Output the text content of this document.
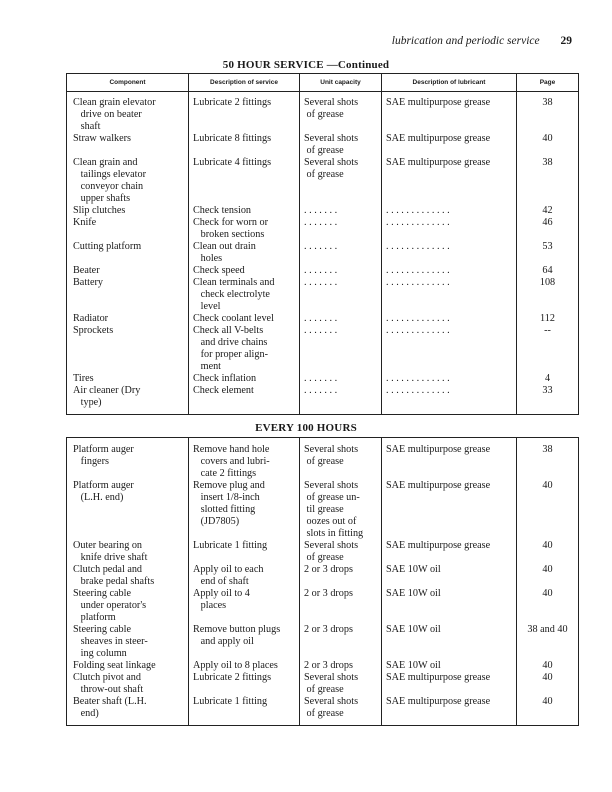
lubrication and periodic service 29
50 HOUR SERVICE —Continued
Component	Description of service	Unit capacity	Description of lubricant	Page
Clean grain elevator
drive on beater
shaft	Lubricate 2 fittings	Several shots
of grease	SAE multipurpose grease	38
Straw walkers	Lubricate 8 fittings	Several shots
of grease	SAE multipurpose grease	40
Clean grain and
tailings elevator
conveyor chain
upper shafts	Lubricate 4 fittings	Several shots
of grease	SAE multipurpose grease	38
Slip clutches	Check tension	. . . . . . .	. . . . . . . . . . . . .	42
Knife	Check for worn or
broken sections	. . . . . . .	. . . . . . . . . . . . .	46
Cutting platform	Clean out drain
holes	. . . . . . .	. . . . . . . . . . . . .	53
Beater	Check speed	. . . . . . .	. . . . . . . . . . . . .	64
Battery	Clean terminals and
check electrolyte
level	. . . . . . .	. . . . . . . . . . . . .	108
Radiator	Check coolant level	. . . . . . .	. . . . . . . . . . . . .	112
Sprockets	Check all V-belts
and drive chains
for proper align-
ment	. . . . . . .	. . . . . . . . . . . . .	--
Tires	Check inflation	. . . . . . .	. . . . . . . . . . . . .	4
Air cleaner (Dry
type)	Check element	. . . . . . .	. . . . . . . . . . . . .	33

EVERY 100 HOURS
Platform auger
fingers	Remove hand hole
covers and lubri-
cate 2 fittings	Several shots
of grease	SAE multipurpose grease	38
Platform auger
(L.H. end)	Remove plug and
insert 1/8-inch
slotted fitting
(JD7805)	Several shots
of grease un-
til grease
oozes out of
slots in fitting	SAE multipurpose grease	40
Outer bearing on
knife drive shaft	Lubricate 1 fitting	Several shots
of grease	SAE multipurpose grease	40
Clutch pedal and
brake pedal shafts	Apply oil to each
end of shaft	2 or 3 drops	SAE 10W oil	40
Steering cable
under operator's
platform	Apply oil to 4
places	2 or 3 drops	SAE 10W oil	40
Steering cable
sheaves in steer-
ing column	Remove button plugs
and apply oil	2 or 3 drops	SAE 10W oil	38 and 40
Folding seat linkage	Apply oil to 8 places	2 or 3 drops	SAE 10W oil	40
Clutch pivot and
throw-out shaft	Lubricate 2 fittings	Several shots
of grease	SAE multipurpose grease	40
Beater shaft (L.H.
end)	Lubricate 1 fitting	Several shots
of grease	SAE multipurpose grease	40
